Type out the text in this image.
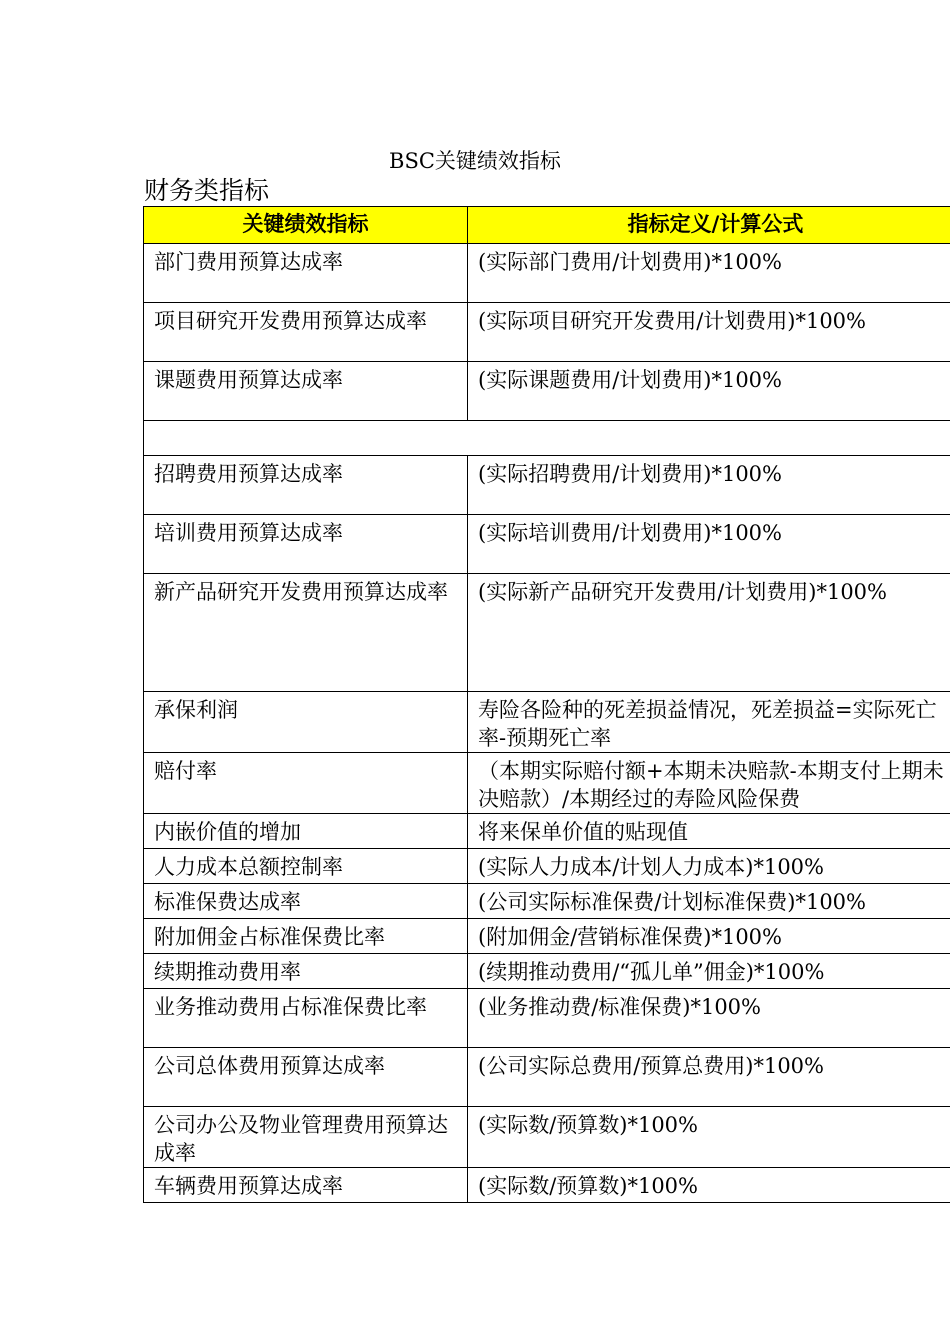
BSC关键绩效指标
财务类指标
关键绩效指标	指标定义/计算公式
部门费用预算达成率	(实际部门费用/计划费用)*100%
项目研究开发费用预算达成率	(实际项目研究开发费用/计划费用)*100%
课题费用预算达成率	(实际课题费用/计划费用)*100%

招聘费用预算达成率	(实际招聘费用/计划费用)*100%
培训费用预算达成率	(实际培训费用/计划费用)*100%
新产品研究开发费用预算达成率	(实际新产品研究开发费用/计划费用)*100%
承保利润	寿险各险种的死差损益情况，死差损益=实际死亡率-预期死亡率
赔付率	（本期实际赔付额+本期未决赔款-本期支付上期未决赔款）/本期经过的寿险风险保费
内嵌价值的增加	将来保单价值的贴现值
人力成本总额控制率	(实际人力成本/计划人力成本)*100%
标准保费达成率	(公司实际标准保费/计划标准保费)*100%
附加佣金占标准保费比率	(附加佣金/营销标准保费)*100%
续期推动费用率	(续期推动费用/“孤儿单”佣金)*100%
业务推动费用占标准保费比率	(业务推动费/标准保费)*100%
公司总体费用预算达成率	(公司实际总费用/预算总费用)*100%
公司办公及物业管理费用预算达成率	(实际数/预算数)*100%
车辆费用预算达成率	(实际数/预算数)*100%
